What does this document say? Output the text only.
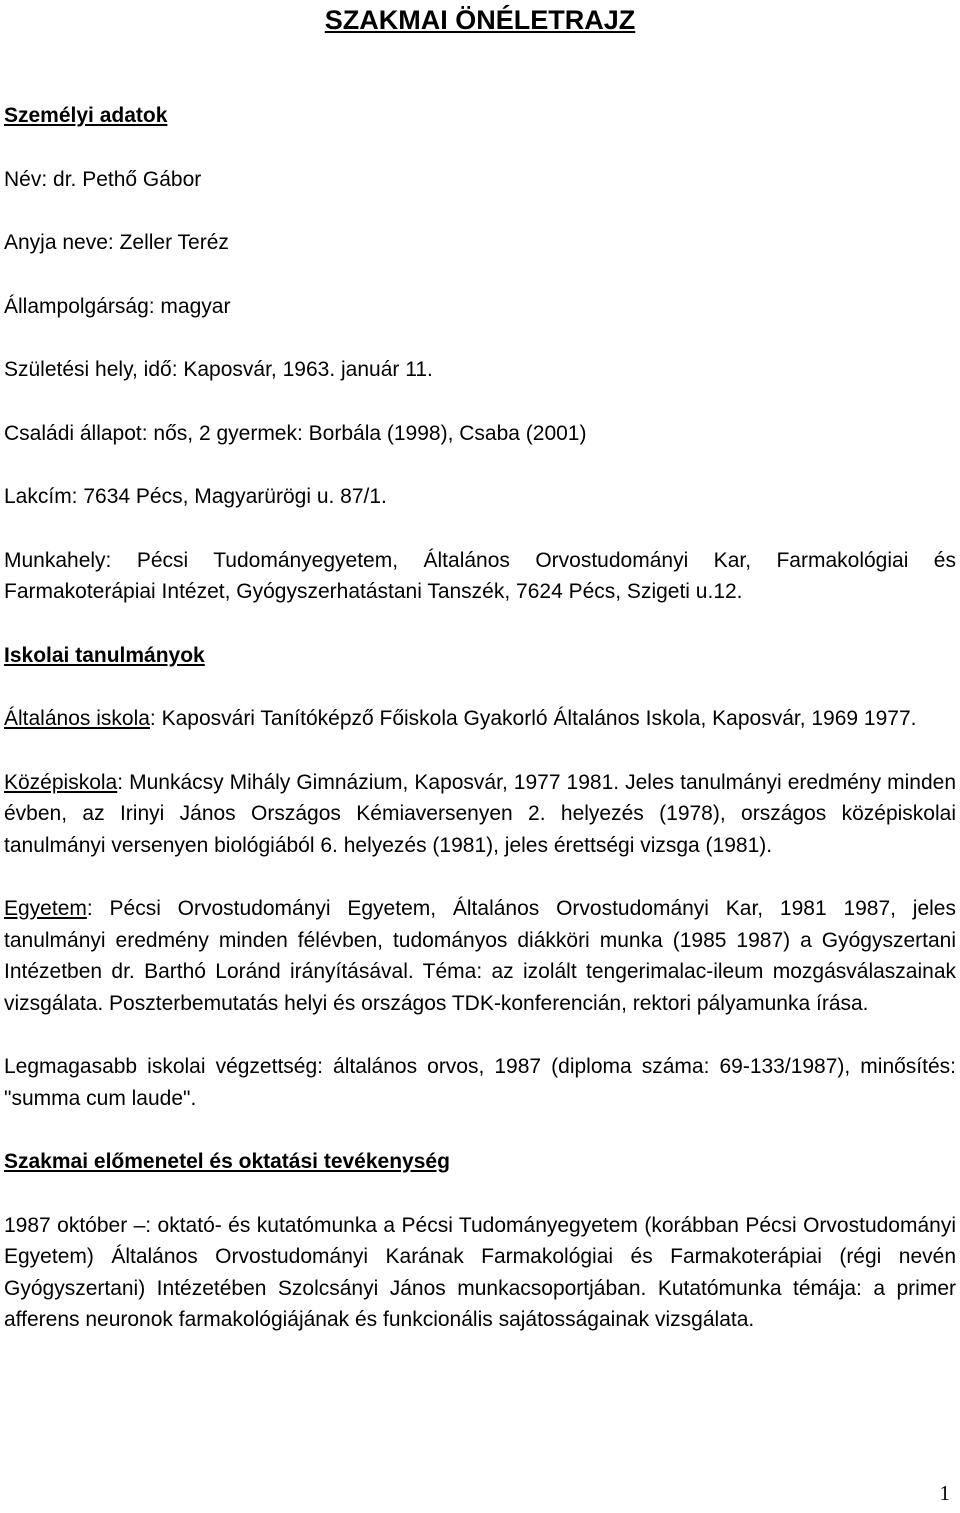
SZAKMAI ÖNÉLETRAJZ

Személyi adatok

Név: dr. Pethő Gábor

Anyja neve: Zeller Teréz

Állampolgárság: magyar

Születési hely, idő: Kaposvár, 1963. január 11.

Családi állapot: nős, 2 gyermek: Borbála (1998), Csaba (2001)

Lakcím: 7634 Pécs, Magyarürögi u. 87/1.

Munkahely: Pécsi Tudományegyetem, Általános Orvostudományi Kar, Farmakológiai és Farmakoterápiai Intézet, Gyógyszerhatástani Tanszék, 7624 Pécs, Szigeti u.12.

Iskolai tanulmányok

Általános iskola: Kaposvári Tanítóképző Főiskola Gyakorló Általános Iskola, Kaposvár, 1969 1977.

Középiskola: Munkácsy Mihály Gimnázium, Kaposvár, 1977 1981. Jeles tanulmányi eredmény minden évben, az Irinyi János Országos Kémiaversenyen 2. helyezés (1978), országos középiskolai tanulmányi versenyen biológiából 6. helyezés (1981), jeles érettségi vizsga (1981).

Egyetem: Pécsi Orvostudományi Egyetem, Általános Orvostudományi Kar, 1981 1987, jeles tanulmányi eredmény minden félévben, tudományos diákköri munka (1985 1987) a Gyógyszertani Intézetben dr. Barthó Loránd irányításával. Téma: az izolált tengerimalac-ileum mozgásválaszainak vizsgálata. Poszterbemutatás helyi és országos TDK-konferencián, rektori pályamunka írása.

Legmagasabb iskolai végzettség: általános orvos, 1987 (diploma száma: 69-133/1987), minősítés: "summa cum laude".

Szakmai előmenetel és oktatási tevékenység

1987 október –: oktató- és kutatómunka a Pécsi Tudományegyetem (korábban Pécsi Orvostudományi Egyetem) Általános Orvostudományi Karának Farmakológiai és Farmakoterápiai (régi nevén Gyógyszertani) Intézetében Szolcsányi János munkacsoportjában. Kutatómunka témája: a primer afferens neuronok farmakológiájának és funkcionális sajátosságainak vizsgálata.

1
